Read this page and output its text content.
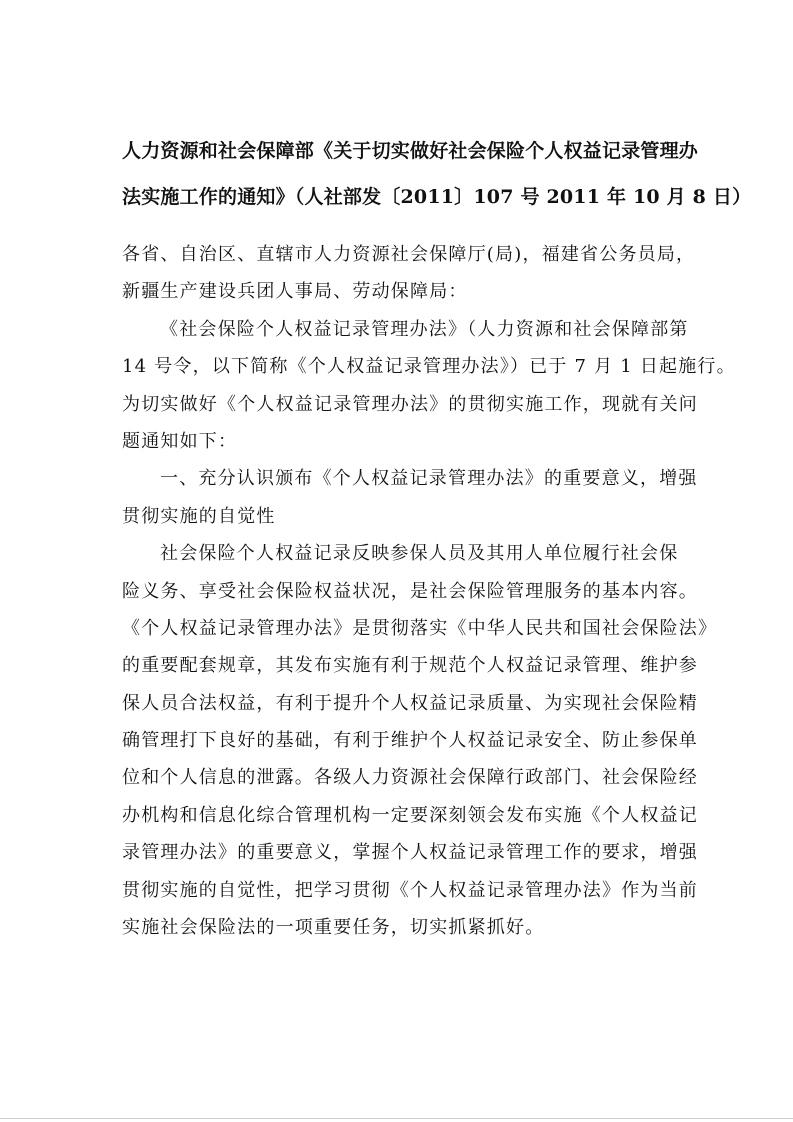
人力资源和社会保障部《关于切实做好社会保险个人权益记录管理办
法实施工作的通知》（人社部发〔2011〕107 号 2011 年 10 月 8 日）
各省、自治区、直辖市人力资源社会保障厅(局)，福建省公务员局，
新疆生产建设兵团人事局、劳动保障局：
《社会保险个人权益记录管理办法》（人力资源和社会保障部第
14 号令，以下简称《个人权益记录管理办法》）已于 7 月 1 日起施行。
为切实做好《个人权益记录管理办法》的贯彻实施工作，现就有关问
题通知如下：
一、充分认识颁布《个人权益记录管理办法》的重要意义，增强
贯彻实施的自觉性
社会保险个人权益记录反映参保人员及其用人单位履行社会保
险义务、享受社会保险权益状况，是社会保险管理服务的基本内容。
《个人权益记录管理办法》是贯彻落实《中华人民共和国社会保险法》
的重要配套规章，其发布实施有利于规范个人权益记录管理、维护参
保人员合法权益，有利于提升个人权益记录质量、为实现社会保险精
确管理打下良好的基础，有利于维护个人权益记录安全、防止参保单
位和个人信息的泄露。各级人力资源社会保障行政部门、社会保险经
办机构和信息化综合管理机构一定要深刻领会发布实施《个人权益记
录管理办法》的重要意义，掌握个人权益记录管理工作的要求，增强
贯彻实施的自觉性，把学习贯彻《个人权益记录管理办法》作为当前
实施社会保险法的一项重要任务，切实抓紧抓好。
